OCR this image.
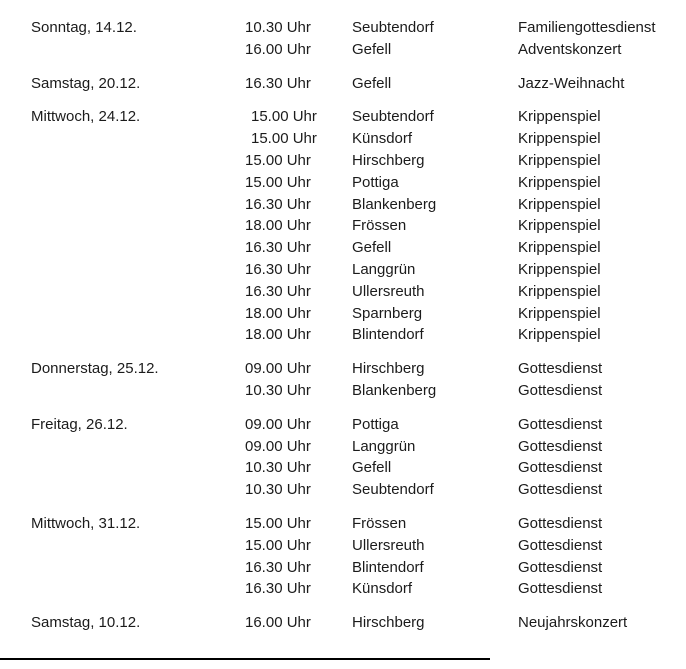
Sonntag, 14.12.	10.30 Uhr	Seubtendorf	Familiengottesdienst
16.00 Uhr	Gefell	Adventskonzert
Samstag, 20.12.	16.30 Uhr	Gefell	Jazz-Weihnacht
Mittwoch, 24.12.	15.00 Uhr	Seubtendorf	Krippenspiel
15.00 Uhr	Künsdorf	Krippenspiel
15.00 Uhr	Hirschberg	Krippenspiel
15.00 Uhr	Pottiga	Krippenspiel
16.30 Uhr	Blankenberg	Krippenspiel
18.00 Uhr	Frössen	Krippenspiel
16.30 Uhr	Gefell	Krippenspiel
16.30 Uhr	Langgrün	Krippenspiel
16.30 Uhr	Ullersreuth	Krippenspiel
18.00 Uhr	Sparnberg	Krippenspiel
18.00 Uhr	Blintendorf	Krippenspiel
Donnerstag, 25.12.	09.00 Uhr	Hirschberg	Gottesdienst
10.30 Uhr	Blankenberg	Gottesdienst
Freitag, 26.12.	09.00 Uhr	Pottiga	Gottesdienst
09.00 Uhr	Langgrün	Gottesdienst
10.30 Uhr	Gefell	Gottesdienst
10.30 Uhr	Seubtendorf	Gottesdienst
Mittwoch, 31.12.	15.00 Uhr	Frössen	Gottesdienst
15.00 Uhr	Ullersreuth	Gottesdienst
16.30 Uhr	Blintendorf	Gottesdienst
16.30 Uhr	Künsdorf	Gottesdienst
Samstag, 10.12.	16.00 Uhr	Hirschberg	Neujahrskonzert
